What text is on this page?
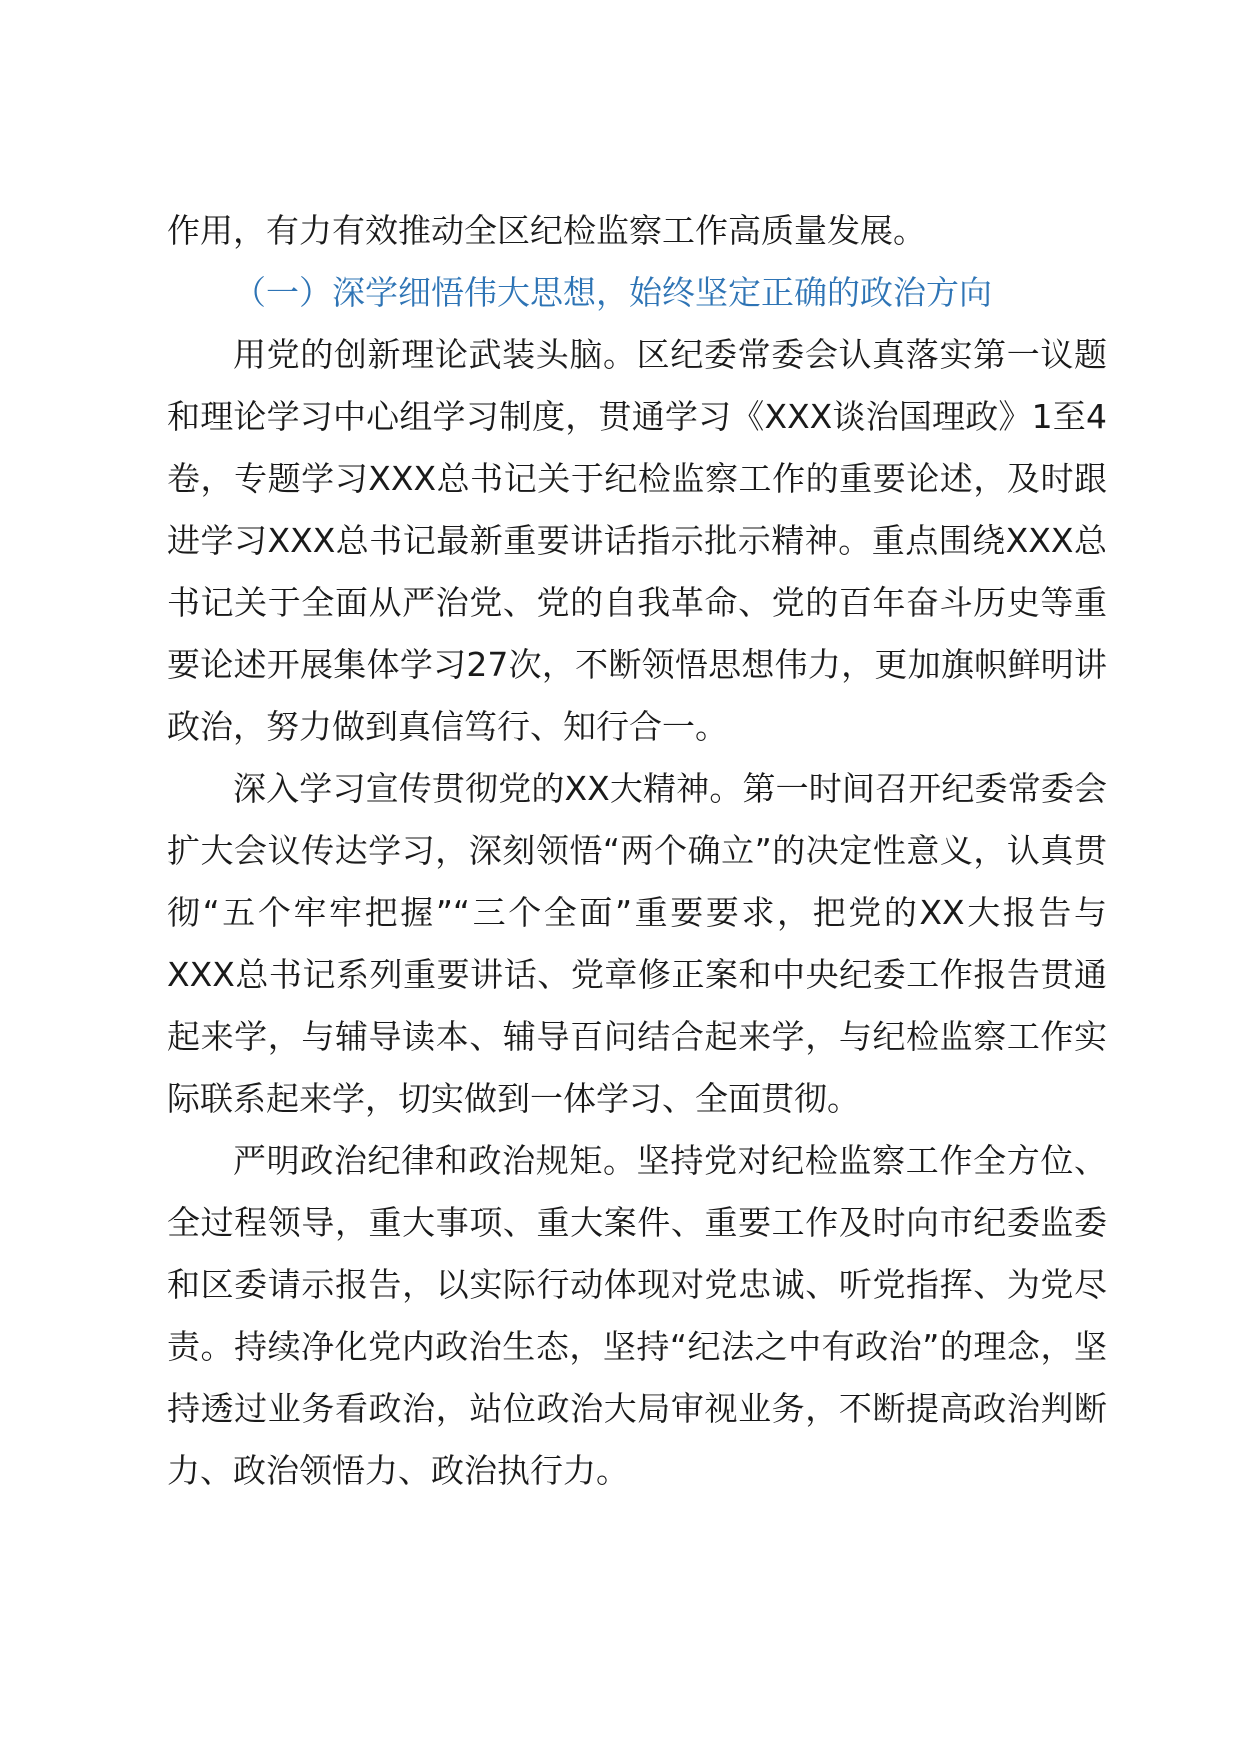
作用，有力有效推动全区纪检监察工作高质量发展。

（一）深学细悟伟大思想，始终坚定正确的政治方向

用党的创新理论武装头脑。区纪委常委会认真落实第一议题和理论学习中心组学习制度，贯通学习《XXX谈治国理政》1至4卷，专题学习XXX总书记关于纪检监察工作的重要论述，及时跟进学习XXX总书记最新重要讲话指示批示精神。重点围绕XXX总书记关于全面从严治党、党的自我革命、党的百年奋斗历史等重要论述开展集体学习27次，不断领悟思想伟力，更加旗帜鲜明讲政治，努力做到真信笃行、知行合一。

深入学习宣传贯彻党的XX大精神。第一时间召开纪委常委会扩大会议传达学习，深刻领悟“两个确立”的决定性意义，认真贯彻“五个牢牢把握”“三个全面”重要要求，把党的XX大报告与XXX总书记系列重要讲话、党章修正案和中央纪委工作报告贯通起来学，与辅导读本、辅导百问结合起来学，与纪检监察工作实际联系起来学，切实做到一体学习、全面贯彻。

严明政治纪律和政治规矩。坚持党对纪检监察工作全方位、全过程领导，重大事项、重大案件、重要工作及时向市纪委监委和区委请示报告，以实际行动体现对党忠诚、听党指挥、为党尽责。持续净化党内政治生态，坚持“纪法之中有政治”的理念，坚持透过业务看政治，站位政治大局审视业务，不断提高政治判断力、政治领悟力、政治执行力。
